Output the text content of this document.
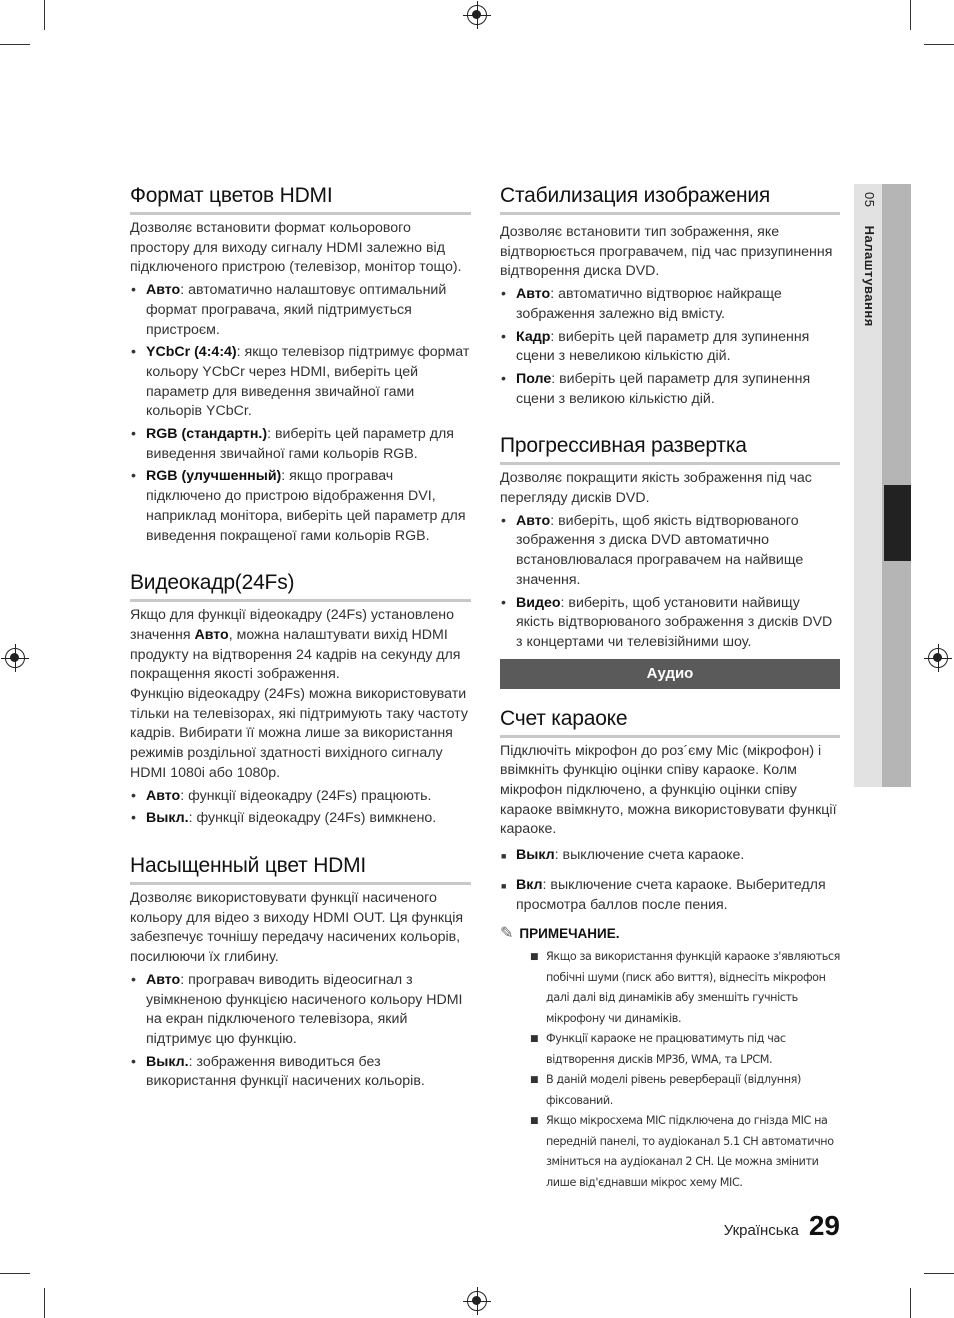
Формат цветов HDMI

Дозволяє встановити формат кольорового простору для виходу сигналу HDMI залежно від підключеного пристрою (телевізор, монітор тощо).

• Авто: автоматично налаштовує оптимальний формат програвача, який підтримується пристроєм.
• YCbCr (4:4:4): якщо телевізор підтримує формат кольору YCbCr через HDMI, виберіть цей параметр для виведення звичайної гами кольорів YCbCr.
• RGB (стандартн.): виберіть цей параметр для виведення звичайної гами кольорів RGB.
• RGB (улучшенный): якщо програвач підключено до пристрою відображення DVI, наприклад монітора, виберіть цей параметр для виведення покращеної гами кольорів RGB.
Видеокадр(24Fs)

Якщо для функції відеокадру (24Fs) установлено значення Авто, можна налаштувати вихід HDMI продукту на відтворення 24 кадрів на секунду для покращення якості зображення.

Функцію відеокадру (24Fs) можна використовувати тільки на телевізорах, які підтримують таку частоту кадрів. Вибирати її можна лише за використання режимів роздільної здатності вихідного сигналу HDMI 1080i або 1080p.

• Авто: функції відеокадру (24Fs) працюють.
• Выкл.: функції відеокадру (24Fs) вимкнено.
Насыщенный цвет HDMI

Дозволяє використовувати функції насиченого кольору для відео з виходу HDMI OUT. Ця функція забезпечує точнішу передачу насичених кольорів, посилюючи їх глибину.

• Авто: програвач виводить відеосигнал з увімкненою функцією насиченого кольору HDMI на екран підключеного телевізора, який підтримує цю функцію.
• Выкл.: зображення виводиться без використання функції насичених кольорів.
Стабилизация изображения

Дозволяє встановити тип зображення, яке відтворюється програвачем, під час призупинення відтворення диска DVD.

• Авто: автоматично відтворює найкраще зображення залежно від вмісту.
• Кадр: виберіть цей параметр для зупинення сцени з невеликою кількістю дій.
• Поле: виберіть цей параметр для зупинення сцени з великою кількістю дій.
Прогрессивная развертка

Дозволяє покращити якість зображення під час перегляду дисків DVD.

• Авто: виберіть, щоб якість відтворюваного зображення з диска DVD автоматично встановлювалася програвачем на найвище значення.
• Видео: виберіть, щоб установити найвищу якість відтворюваного зображення з дисків DVD з концертами чи телевізійними шоу.
Аудио
Счет караоке

Підключіть мікрофон до роз´єму Mic (мікрофон) і ввімкніть функцію оцінки співу караоке. Колм мікрофон підключено, а функцію оцінки співу караоке ввімкнуто, можна використовувати функції караоке.

■ Выкл: выключение счета караоке.
■ Вкл: выключение счета караоке. Выберитедля просмотра баллов после пения.
✎ ПРИМЕЧАНИЕ.
■ Якщо за використання функцій караоке з'являються побічні шуми (писк або виття), віднесіть мікрофон далі далі від динаміків абу зменшіть гучність мікрофону чи динаміків.
■ Функції караоке не працюватимуть під час відтворення дисків MP3б, WMA, та LPCM.
■ В даній моделі рівень реверберації (відлуння) фіксований.
■ Якщо мікросхема MIC підключена до гнізда MIC на передній панелі, то аудіоканал 5.1 CH автоматично зміниться на аудіоканал 2 CH. Це можна змінити лише від'єднавши мікрос хему MIC.
05 Налаштування
Українська 29
